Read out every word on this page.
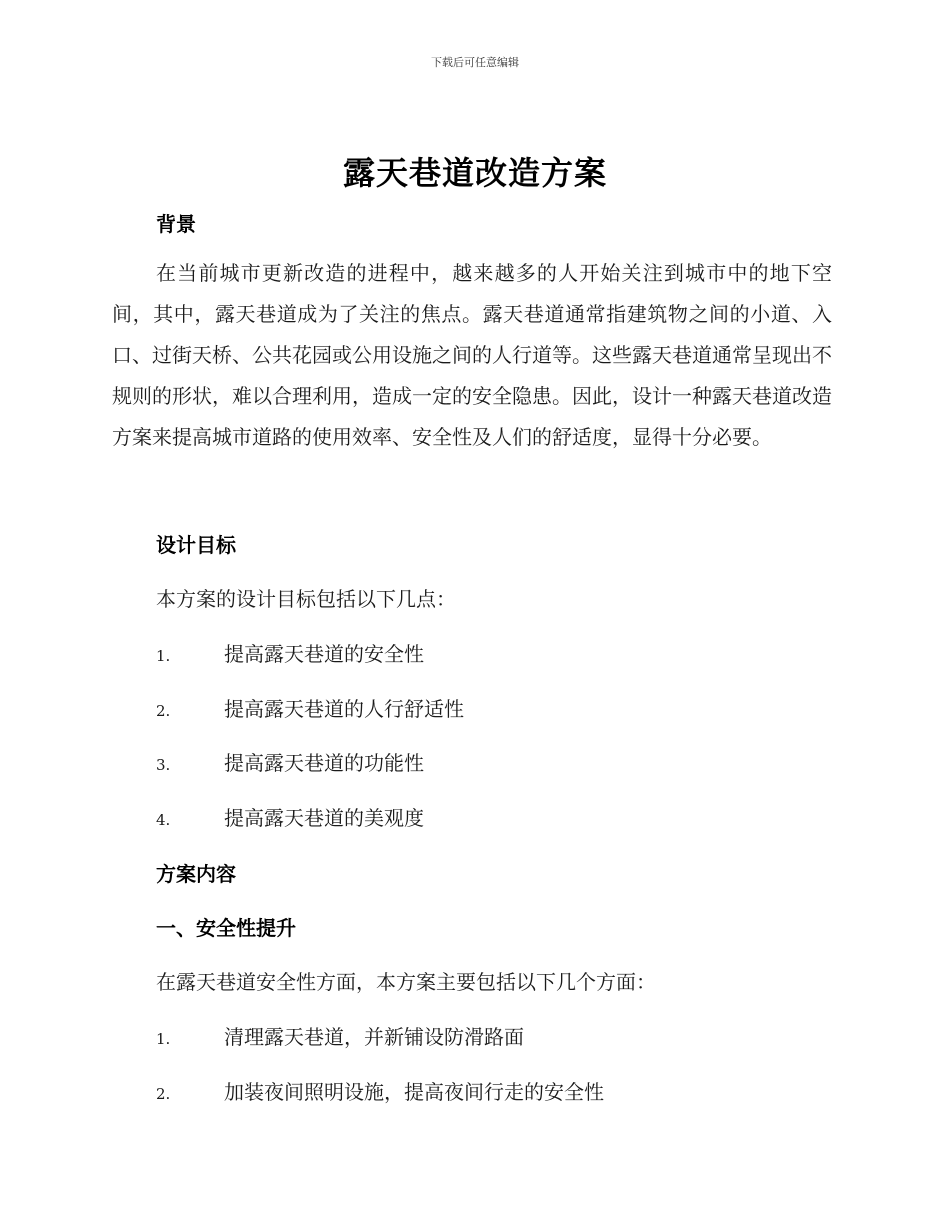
下载后可任意编辑
露天巷道改造方案
背景
在当前城市更新改造的进程中，越来越多的人开始关注到城市中的地下空间，其中，露天巷道成为了关注的焦点。露天巷道通常指建筑物之间的小道、入口、过街天桥、公共花园或公用设施之间的人行道等。这些露天巷道通常呈现出不规则的形状，难以合理利用，造成一定的安全隐患。因此，设计一种露天巷道改造方案来提高城市道路的使用效率、安全性及人们的舒适度，显得十分必要。
设计目标
本方案的设计目标包括以下几点：
1.	提高露天巷道的安全性
2.	提高露天巷道的人行舒适性
3.	提高露天巷道的功能性
4.	提高露天巷道的美观度
方案内容
一、安全性提升
在露天巷道安全性方面，本方案主要包括以下几个方面：
1.	清理露天巷道，并新铺设防滑路面
2.	加装夜间照明设施，提高夜间行走的安全性
